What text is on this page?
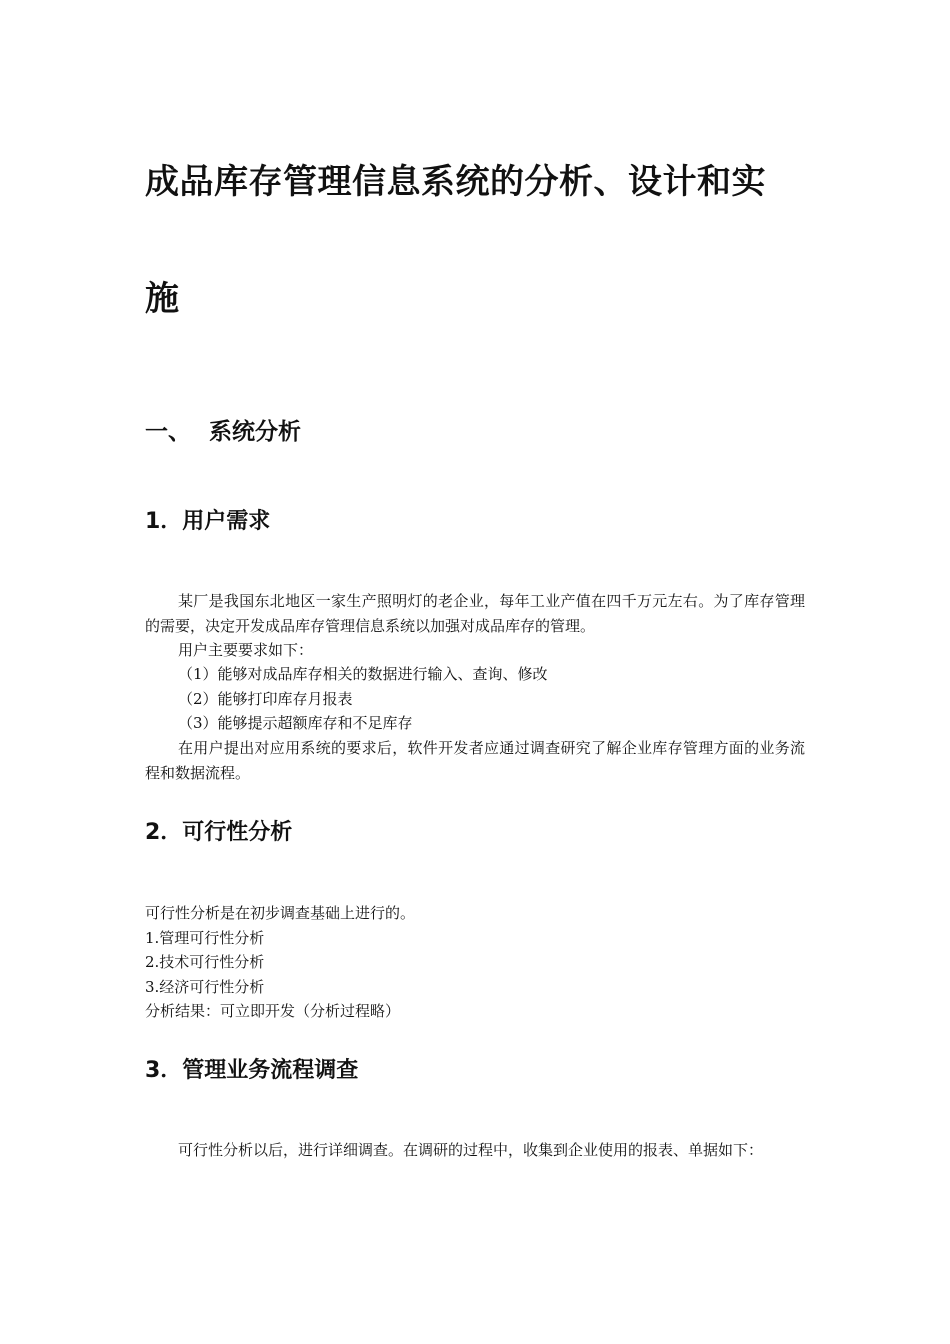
成品库存管理信息系统的分析、设计和实
施
一、 系统分析
1．用户需求

某厂是我国东北地区一家生产照明灯的老企业，每年工业产值在四千万元左右。为了库存管理的需要，决定开发成品库存管理信息系统以加强对成品库存的管理。

用户主要要求如下：

（1）能够对成品库存相关的数据进行输入、查询、修改

（2）能够打印库存月报表

（3）能够提示超额库存和不足库存

在用户提出对应用系统的要求后，软件开发者应通过调查研究了解企业库存管理方面的业务流程和数据流程。

2．可行性分析

可行性分析是在初步调查基础上进行的。

1.管理可行性分析

2.技术可行性分析

3.经济可行性分析

分析结果：可立即开发（分析过程略）

3．管理业务流程调查

可行性分析以后，进行详细调查。在调研的过程中，收集到企业使用的报表、单据如下：
